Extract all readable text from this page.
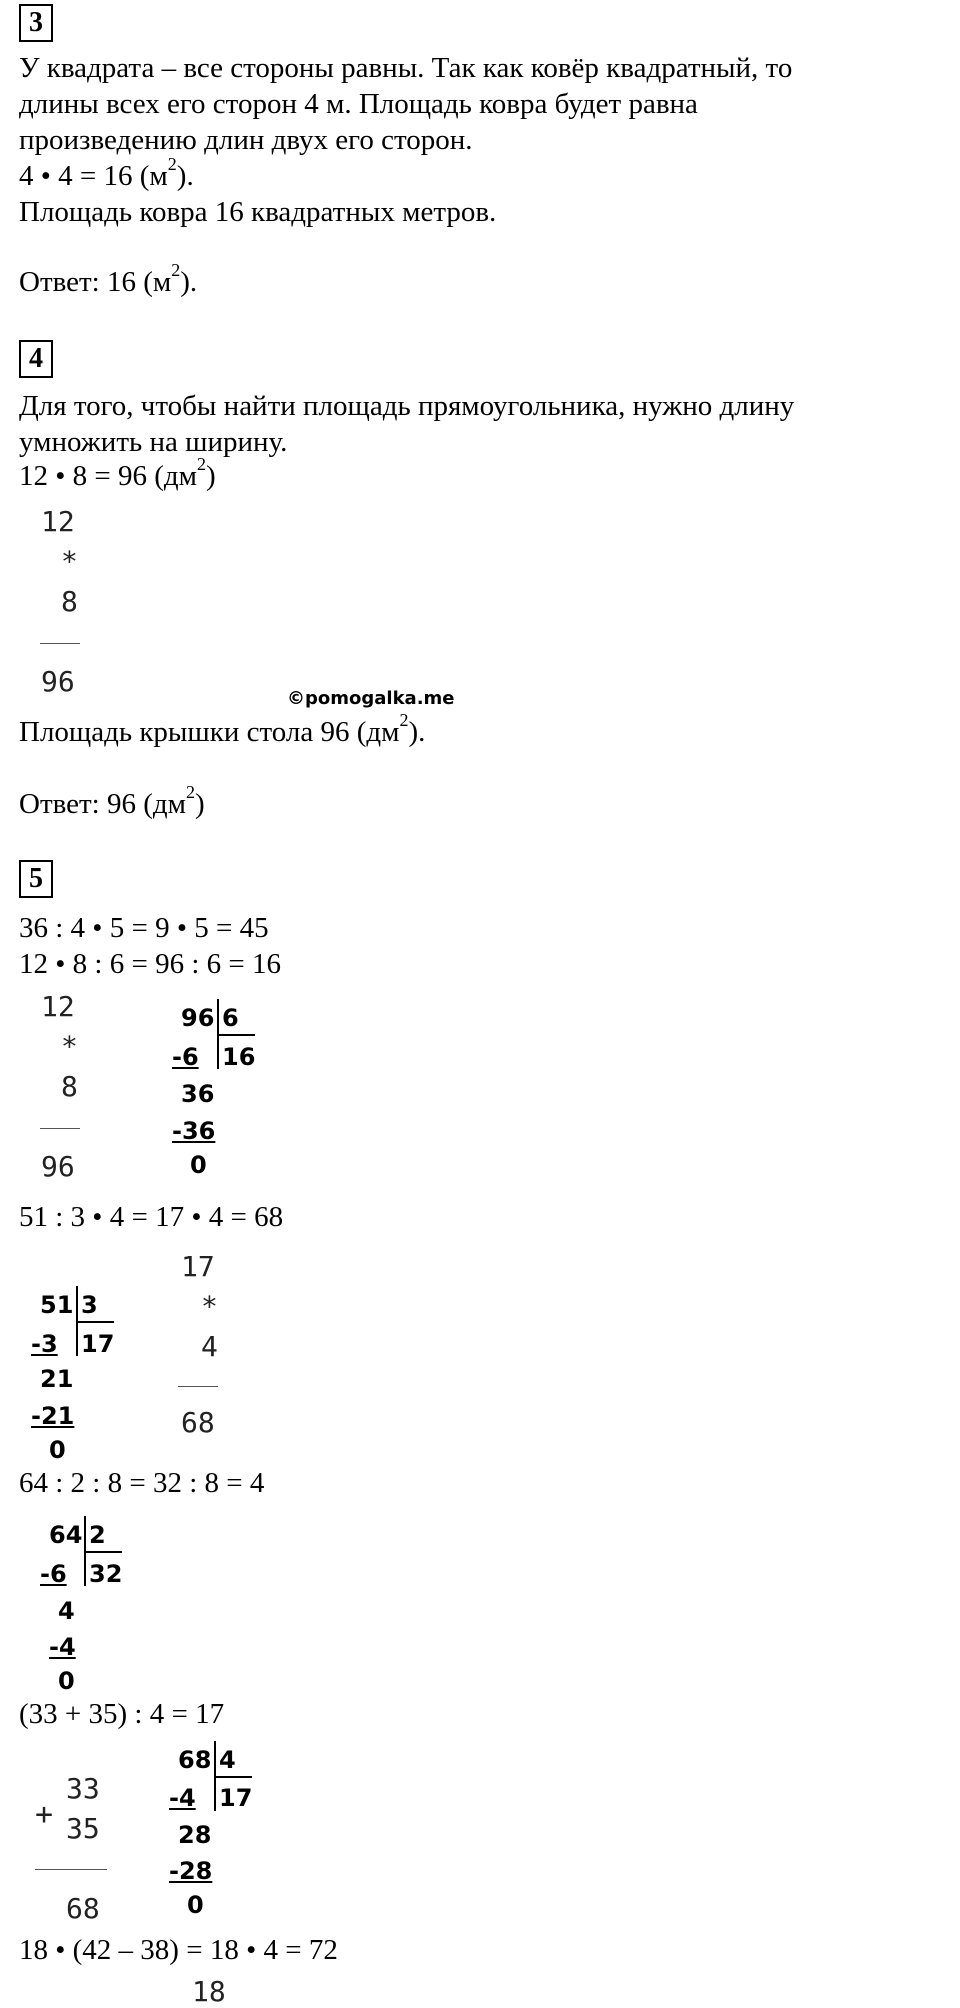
3
У квадрата – все стороны равны. Так как ковёр квадратный, то
длины всех его сторон 4 м. Площадь ковра будет равна
произведению длин двух его сторон.
4 • 4 = 16 $(м^2)$.
Площадь ковра 16 квадратных метров.
Ответ: 16 $(м^2)$.
4
Для того, чтобы найти площадь прямоугольника, нужно длину
умножить на ширину.
12 • 8 = 96 $(дм^2)$
12
*
8
96
©pomogalka.me
Площадь крышки стола 96 $(дм^2)$.
Ответ: 96 $(дм^2)$
5
36 : 4 • 5 = 9 • 5 = 45
12 • 8 : 6 = 96 : 6 = 16
12
*
8
96
96 6
-6 16
36
-36
0
51 : 3 • 4 = 17 • 4 = 68
51 3
-3 17
21
-21
0
17
*
4
68
64 : 2 : 8 = 32 : 8 = 4
64 2
-6 32
4
-4
0
(33 + 35) : 4 = 17
+
33
35
68
68 4
-4 17
28
-28
0
18 • (42 – 38) = 18 • 4 = 72
18
